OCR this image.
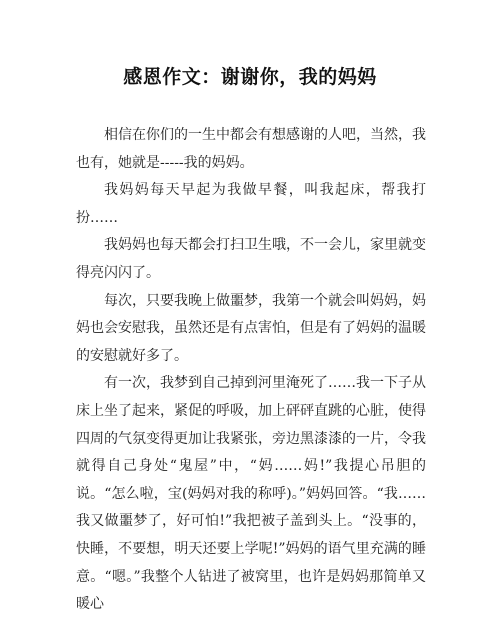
感恩作文：谢谢你，我的妈妈

相信在你们的一生中都会有想感谢的人吧，当然，我也有，她就是-----我的妈妈。

我妈妈每天早起为我做早餐，叫我起床，帮我打扮……

我妈妈也每天都会打扫卫生哦，不一会儿，家里就变得亮闪闪了。

每次，只要我晚上做噩梦，我第一个就会叫妈妈，妈妈也会安慰我，虽然还是有点害怕，但是有了妈妈的温暖的安慰就好多了。

有一次，我梦到自己掉到河里淹死了……我一下子从床上坐了起来，紧促的呼吸，加上砰砰直跳的心脏，使得四周的气氛变得更加让我紧张，旁边黑漆漆的一片，令我就得自己身处“鬼屋”中，“妈……妈!”我提心吊胆的说。“怎么啦，宝(妈妈对我的称呼)。”妈妈回答。“我……我又做噩梦了，好可怕!”我把被子盖到头上。“没事的，快睡，不要想，明天还要上学呢!”妈妈的语气里充满的睡意。“嗯。”我整个人钻进了被窝里，也许是妈妈那简单又暖心
